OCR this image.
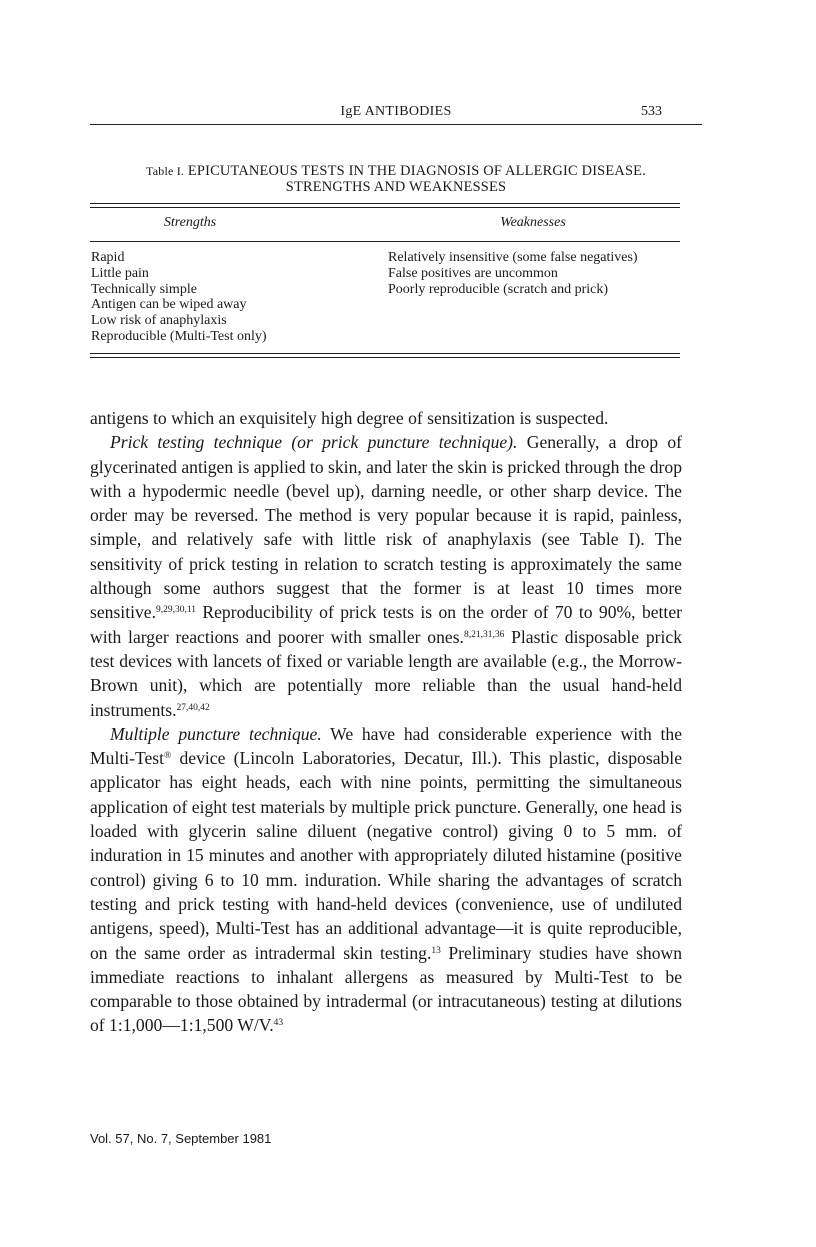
IgE ANTIBODIES	533
Table I. EPICUTANEOUS TESTS IN THE DIAGNOSIS OF ALLERGIC DISEASE.
STRENGTHS AND WEAKNESSES
Strengths	Weaknesses
Rapid
Little pain
Technically simple
Antigen can be wiped away
Low risk of anaphylaxis
Reproducible (Multi-Test only)
Relatively insensitive (some false negatives)
False positives are uncommon
Poorly reproducible (scratch and prick)

antigens to which an exquisitely high degree of sensitization is suspected.

Prick testing technique (or prick puncture technique). Generally, a drop of glycerinated antigen is applied to skin, and later the skin is pricked through the drop with a hypodermic needle (bevel up), darning needle, or other sharp device. The order may be reversed. The method is very popular because it is rapid, painless, simple, and relatively safe with little risk of anaphylaxis (see Table I). The sensitivity of prick testing in relation to scratch testing is approximately the same although some authors suggest that the former is at least 10 times more sensitive.$^{9,29,30,11}$ Reproducibility of prick tests is on the order of 70 to 90%, better with larger reactions and poorer with smaller ones.$^{8,21,31,36}$ Plastic disposable prick test devices with lancets of fixed or variable length are available (e.g., the Morrow-Brown unit), which are potentially more reliable than the usual hand-held instruments.$^{27,40,42}$

Multiple puncture technique. We have had considerable experience with the Multi-Test® device (Lincoln Laboratories, Decatur, Ill.). This plastic, disposable applicator has eight heads, each with nine points, permitting the simultaneous application of eight test materials by multiple prick puncture. Generally, one head is loaded with glycerin saline diluent (negative control) giving 0 to 5 mm. of induration in 15 minutes and another with appropriately diluted histamine (positive control) giving 6 to 10 mm. induration. While sharing the advantages of scratch testing and prick testing with hand-held devices (convenience, use of undiluted antigens, speed), Multi-Test has an additional advantage—it is quite reproducible, on the same order as intradermal skin testing.$^{13}$ Preliminary studies have shown immediate reactions to inhalant allergens as measured by Multi-Test to be comparable to those obtained by intradermal (or intracutaneous) testing at dilutions of 1:1,000—1:1,500 W/V.$^{43}$

Vol. 57, No. 7, September 1981
